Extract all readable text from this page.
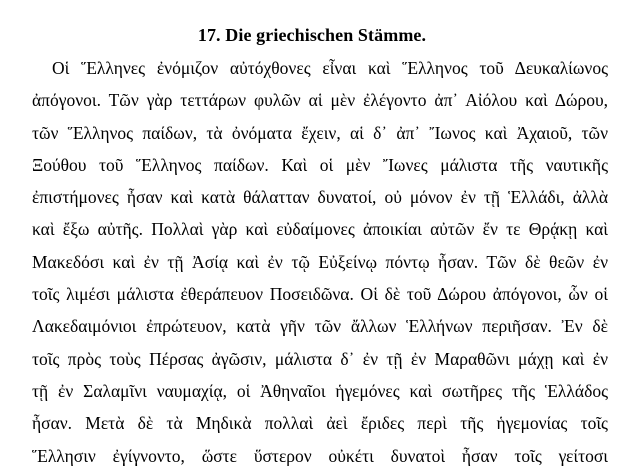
17. Die griechischen Stämme.
Οἱ Ἕλληνες ἐνόμιζον αὐτόχθονες εἶναι καὶ Ἕλληνος τοῦ Δευκαλίωνος
ἀπόγονοι. Τῶν γὰρ τεττάρων φυλῶν αἱ μὲν ἐλέγοντο ἀπ᾽ Αἰόλου καὶ Δώρου,
τῶν Ἕλληνος παίδων, τὰ ὀνόματα ἔχειν, αἱ δ᾽ ἀπ᾽ Ἴωνος καὶ Ἀχαιοῦ, τῶν
Ξούθου τοῦ Ἕλληνος παίδων. Καὶ οἱ μὲν Ἴωνες μάλιστα τῆς ναυτικῆς
ἐπιστήμονες ἦσαν καὶ κατὰ θάλατταν δυνατοί, οὐ μόνον ἐν τῇ Ἑλλάδι, ἀλλὰ
καὶ ἔξω αὐτῆς. Πολλαὶ γὰρ καὶ εὐδαίμονες ἀποικίαι αὐτῶν ἔν τε Θρᾴκῃ καὶ
Μακεδόσι καὶ ἐν τῇ Ἀσίᾳ καὶ ἐν τῷ Εὐξείνῳ πόντῳ ἦσαν. Τῶν δὲ θεῶν ἐν
τοῖς λιμέσι μάλιστα ἐθεράπευον Ποσειδῶνα. Οἱ δὲ τοῦ Δώρου ἀπόγονοι, ὧν οἱ
Λακεδαιμόνιοι ἐπρώτευον, κατὰ γῆν τῶν ἄλλων Ἑλλήνων περιῆσαν. Ἐν δὲ
τοῖς πρὸς τοὺς Πέρσας ἀγῶσιν, μάλιστα δ᾽ ἐν τῇ ἐν Μαραθῶνι μάχῃ καὶ ἐν
τῇ ἐν Σαλαμῖνι ναυμαχίᾳ, οἱ Ἀθηναῖοι ἡγεμόνες καὶ σωτῆρες τῆς Ἑλλάδος
ἦσαν. Μετὰ δὲ τὰ Μηδικὰ πολλαὶ ἀεὶ ἔριδες περὶ τῆς ἡγεμονίας τοῖς
Ἕλλησιν ἐγίγνοντο, ὥστε ὕστερον οὐκέτι δυνατοὶ ἦσαν τοῖς γείτοσι
